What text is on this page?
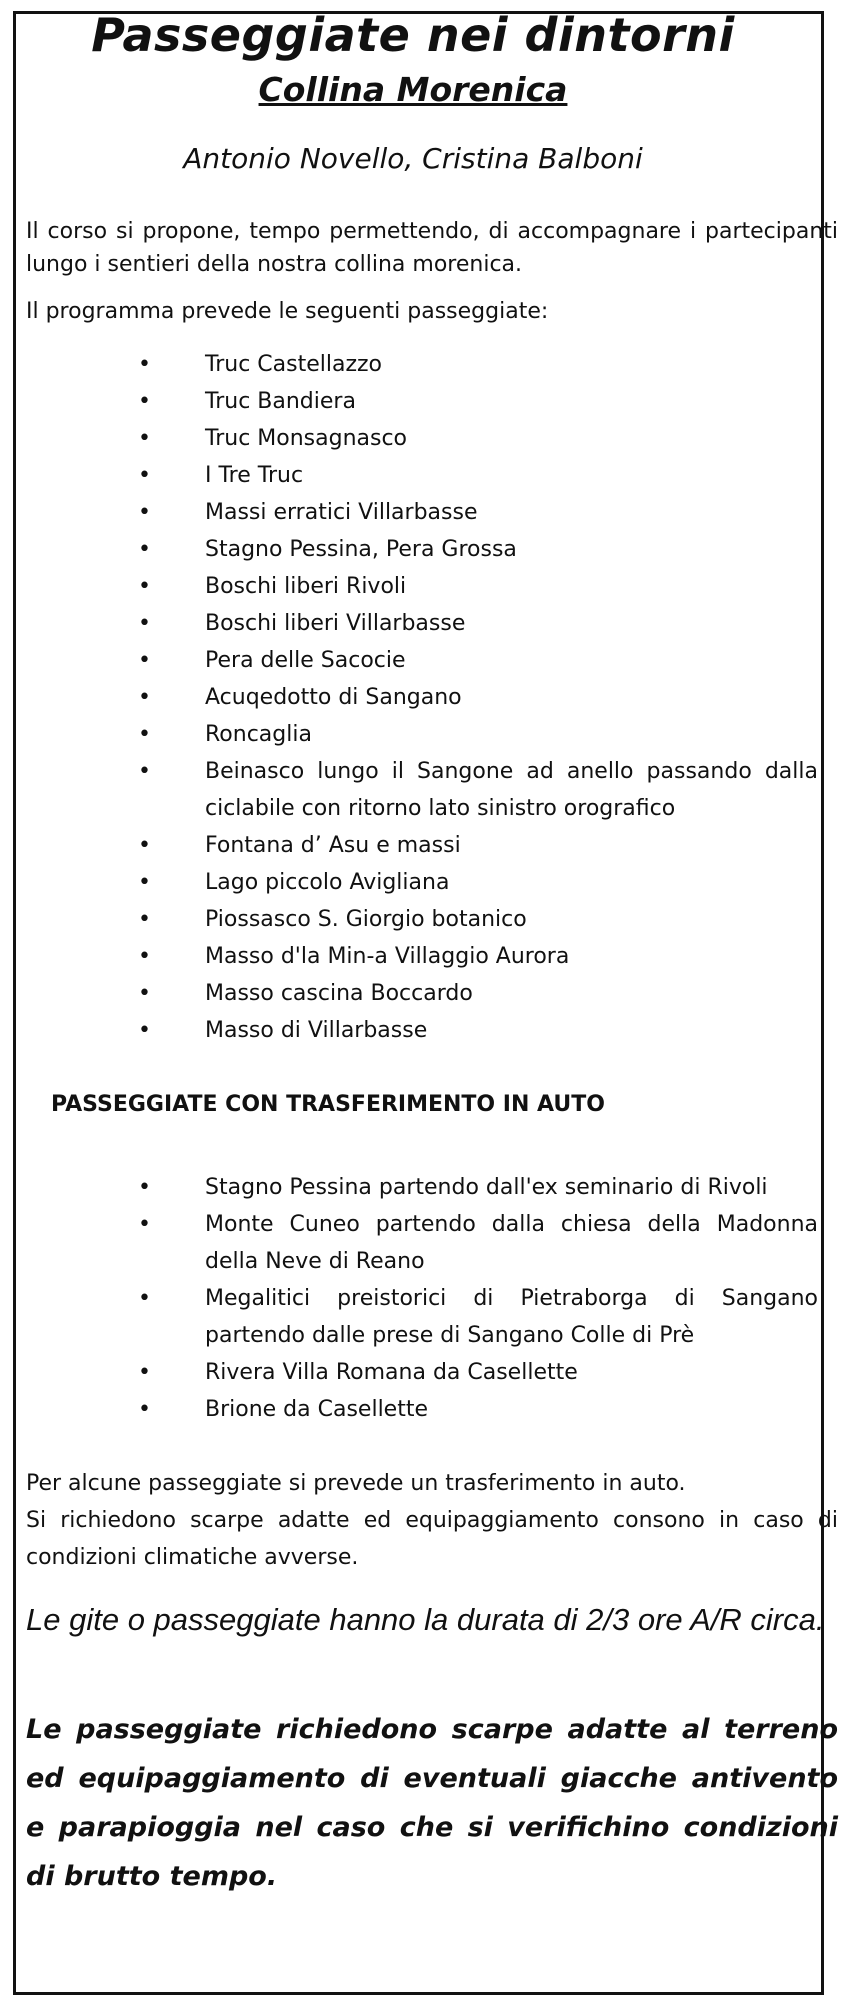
Passeggiate nei dintorni
Collina Morenica

Antonio Novello, Cristina Balboni

Il corso si propone, tempo permettendo, di accompagnare i partecipanti lungo i sentieri della nostra collina morenica.

Il programma prevede le seguenti passeggiate:

• Truc Castellazzo
• Truc Bandiera
• Truc Monsagnasco
• I Tre Truc
• Massi erratici Villarbasse
• Stagno Pessina, Pera Grossa
• Boschi liberi Rivoli
• Boschi liberi Villarbasse
• Pera delle Sacocie
• Acuqedotto di Sangano
• Roncaglia
• Beinasco lungo il Sangone ad anello passando dalla ciclabile con ritorno lato sinistro orografico
• Fontana d’ Asu e massi
• Lago piccolo Avigliana
• Piossasco S. Giorgio botanico
• Masso d'la Min-a Villaggio Aurora
• Masso cascina Boccardo
• Masso di Villarbasse

PASSEGGIATE CON TRASFERIMENTO IN AUTO

• Stagno Pessina partendo dall'ex seminario di Rivoli
• Monte Cuneo partendo dalla chiesa della Madonna della Neve di Reano
• Megalitici preistorici di Pietraborga di Sangano partendo dalle prese di Sangano Colle di Prè
• Rivera Villa Romana da Casellette
• Brione da Casellette

Per alcune passeggiate si prevede un trasferimento in auto.
Si richiedono scarpe adatte ed equipaggiamento consono in caso di condizioni climatiche avverse.

Le gite o passeggiate hanno la durata di 2/3 ore A/R circa.

Le passeggiate richiedono scarpe adatte al terreno ed equipaggiamento di eventuali giacche antivento e parapioggia nel caso che si verifichino condizioni di brutto tempo.
